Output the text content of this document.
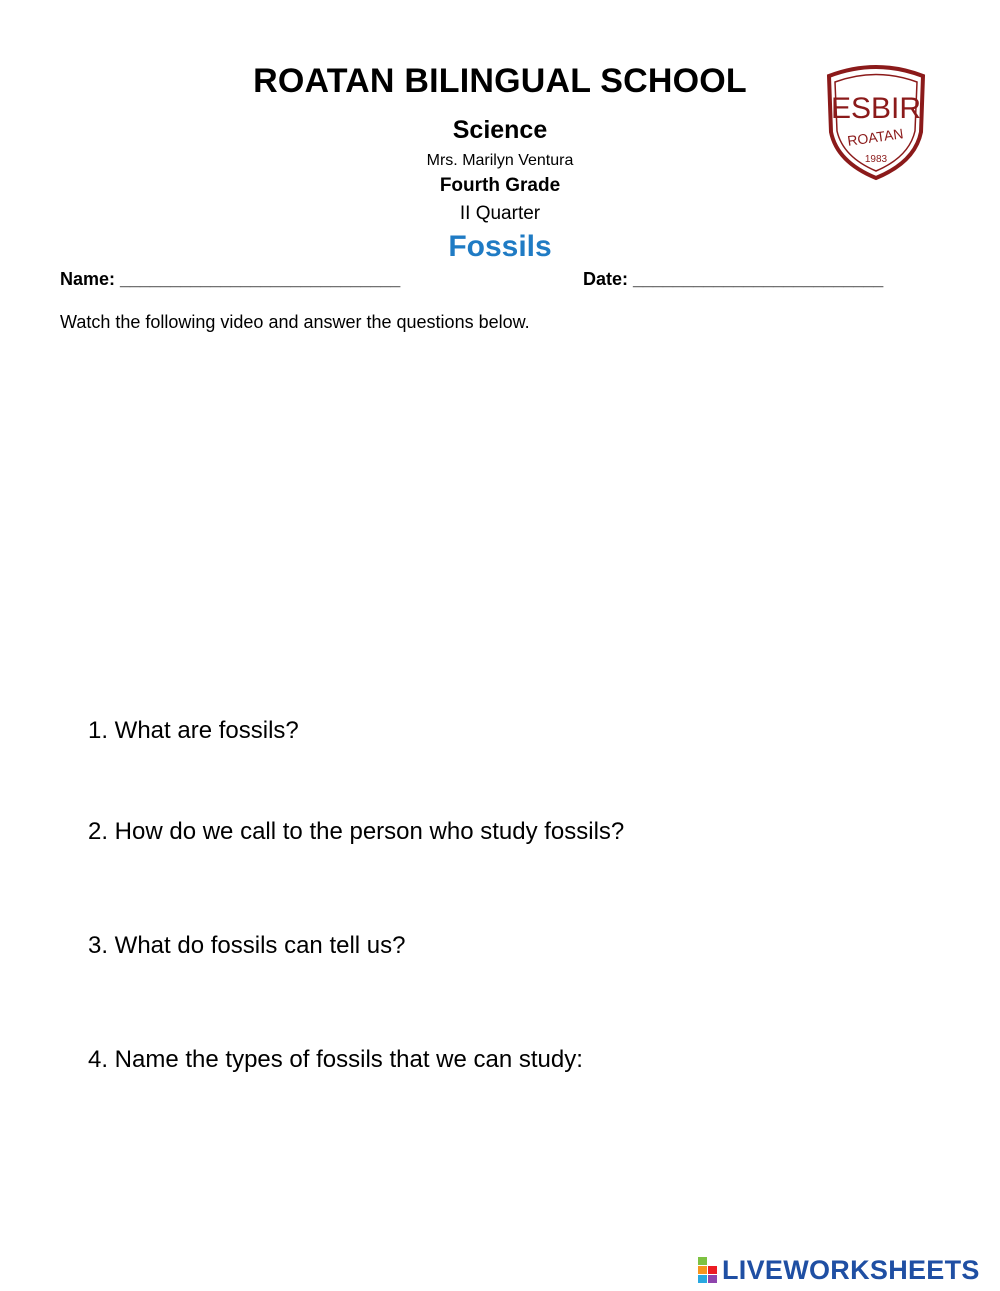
ROATAN BILINGUAL SCHOOL
Science
Mrs. Marilyn Ventura
Fourth Grade
II Quarter
Fossils
ESBIR
ROATAN
1983
Name: ____________________________	Date: _________________________
Watch the following video and answer the questions below.
1. What are fossils?
2. How do we call to the person who study fossils?
3. What do fossils can tell us?
4. Name the types of fossils that we can study:
LIVEWORKSHEETS
